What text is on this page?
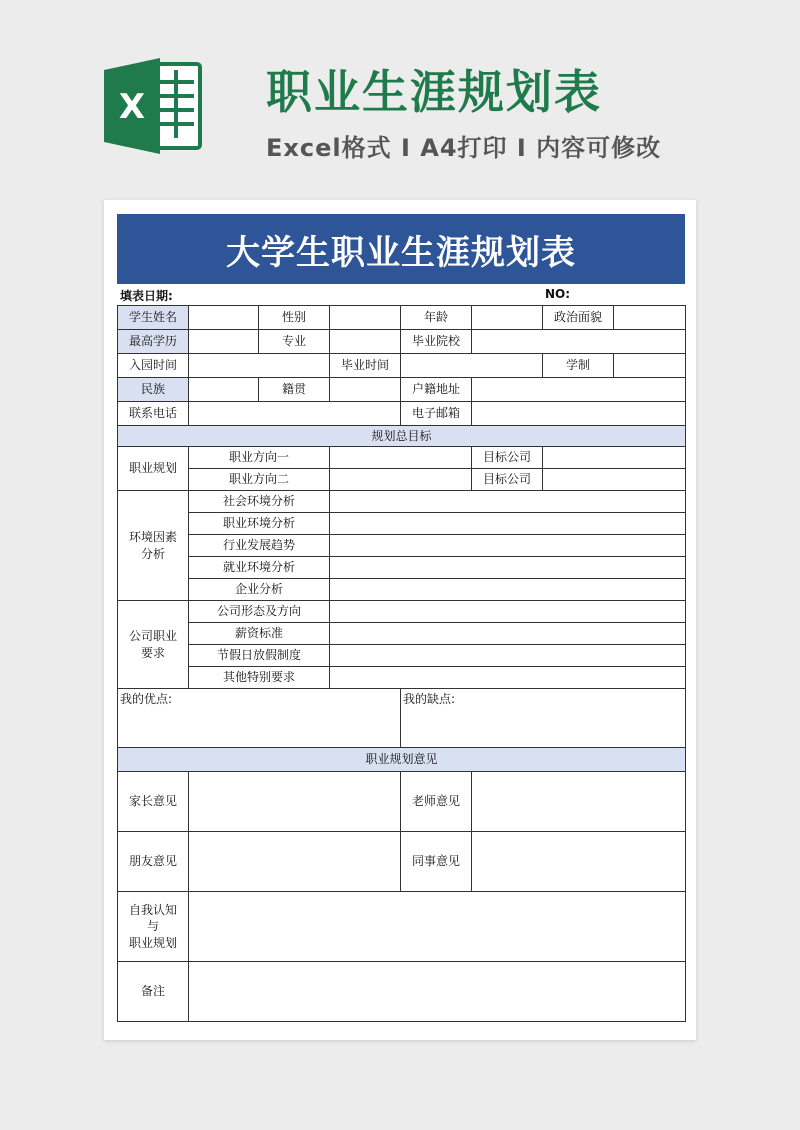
X	职业生涯规划表
Excel格式 I A4打印 I 内容可修改
大学生职业生涯规划表
填表日期:	NO:
学生姓名		性别		年龄		政治面貌	
最高学历		专业		毕业院校			
入园时间			毕业时间			学制	
民族		籍贯		户籍地址			
联系电话				电子邮箱			
规划总目标							
职业规划	职业方向一				目标公司		
	职业方向二				目标公司		
环境因素分析	社会环境分析						
	职业环境分析						
	行业发展趋势						
	就业环境分析						
	企业分析						
公司职业要求	公司形态及方向						
	薪资标准						
	节假日放假制度						
	其他特别要求						
我的优点:				我的缺点:			
职业规划意见							
家长意见				老师意见			
朋友意见				同事意见			

自我认知
与
职业规划							

备注							
